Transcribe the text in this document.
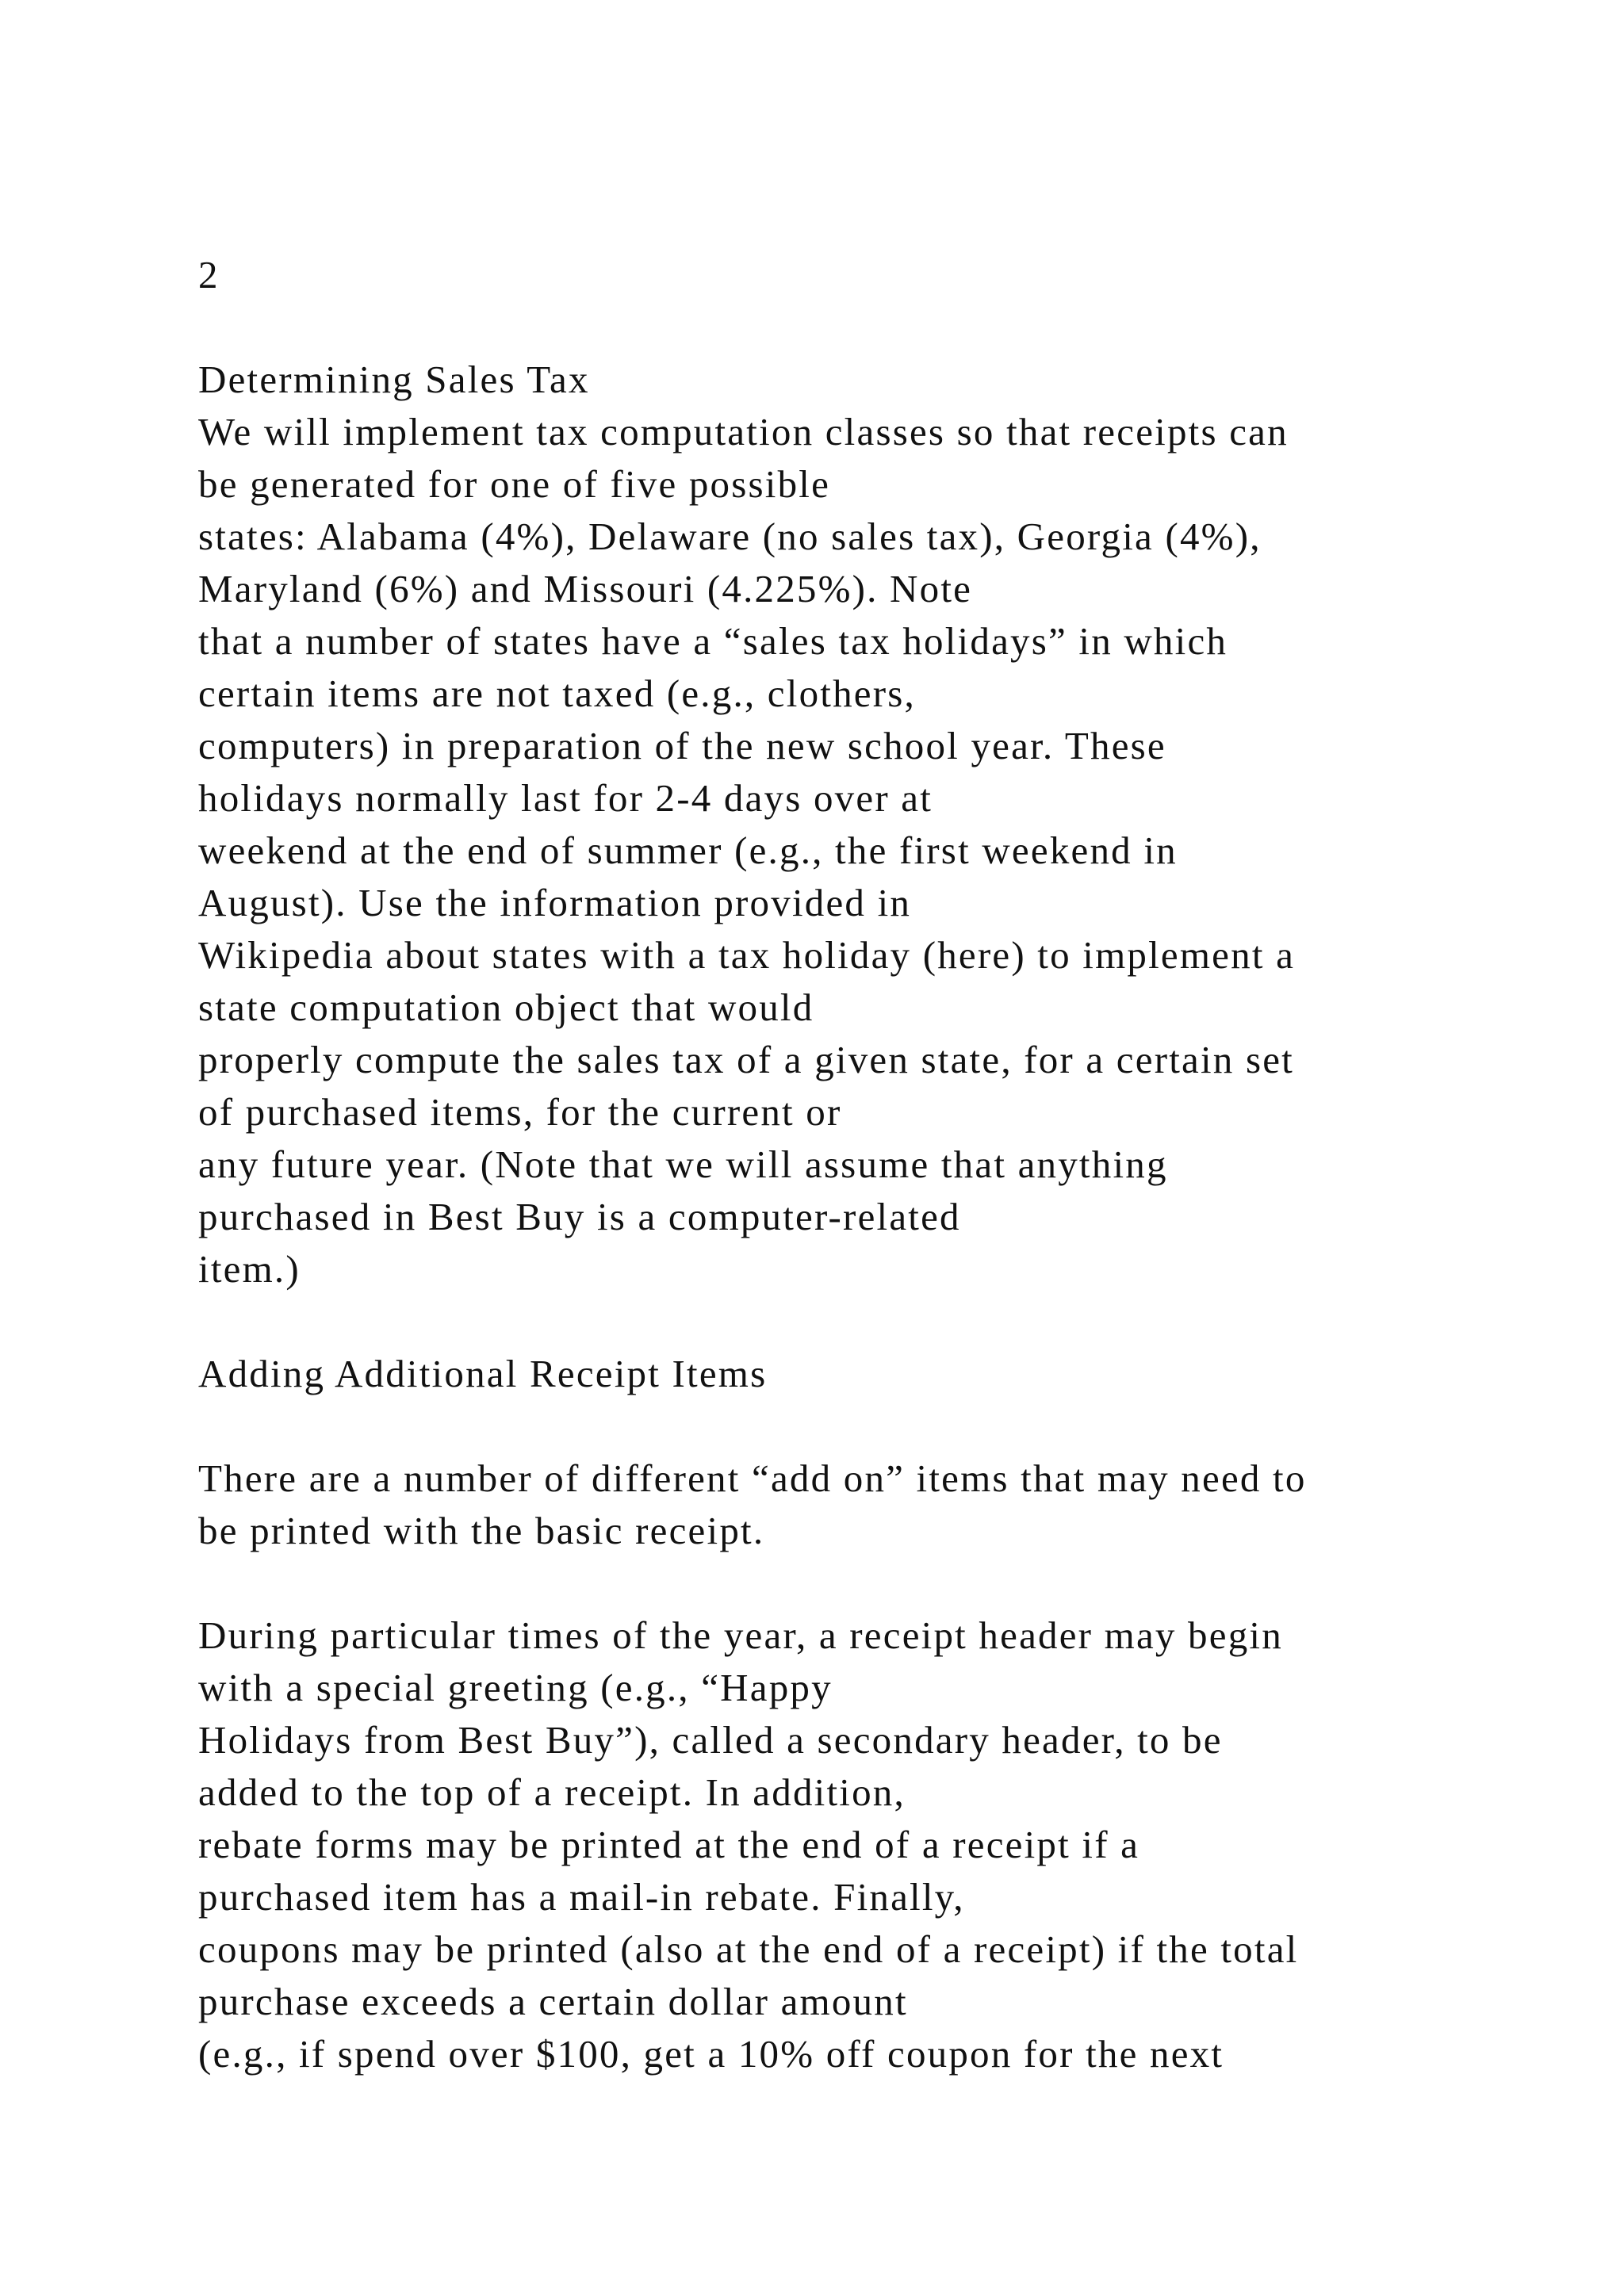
2
Determining Sales Tax
We will implement tax computation classes so that receipts can
be generated for one of five possible
states: Alabama (4%), Delaware (no sales tax), Georgia (4%),
Maryland (6%) and Missouri (4.225%). Note
that a number of states have a “sales tax holidays” in which
certain items are not taxed (e.g., clothers,
computers) in preparation of the new school year. These
holidays normally last for 2-4 days over at
weekend at the end of summer (e.g., the first weekend in
August). Use the information provided in
Wikipedia about states with a tax holiday (here) to implement a
state computation object that would
properly compute the sales tax of a given state, for a certain set
of purchased items, for the current or
any future year. (Note that we will assume that anything
purchased in Best Buy is a computer-related
item.)
Adding Additional Receipt Items
There are a number of different “add on” items that may need to
be printed with the basic receipt.
During particular times of the year, a receipt header may begin
with a special greeting (e.g., “Happy
Holidays from Best Buy”), called a secondary header, to be
added to the top of a receipt. In addition,
rebate forms may be printed at the end of a receipt if a
purchased item has a mail-in rebate. Finally,
coupons may be printed (also at the end of a receipt) if the total
purchase exceeds a certain dollar amount
(e.g., if spend over $100, get a 10% off coupon for the next
